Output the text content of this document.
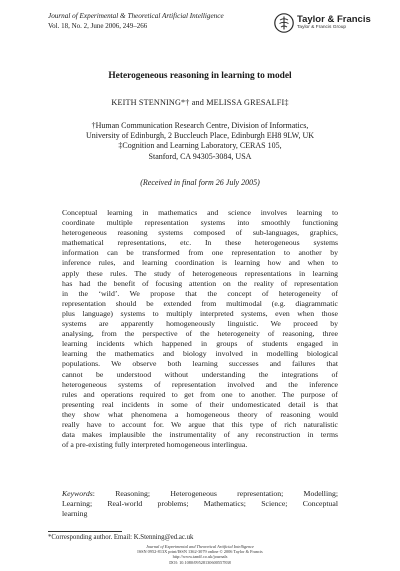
Journal of Experimental & Theoretical Artificial Intelligence
Vol. 18, No. 2, June 2006, 249–266
Taylor & Francis
Taylor & Francis Group
Heterogeneous reasoning in learning to model
KEITH STENNING*† and MELISSA GRESALFI‡
†Human Communication Research Centre, Division of Informatics,
University of Edinburgh, 2 Buccleuch Place, Edinburgh EH8 9LW, UK
‡Cognition and Learning Laboratory, CERAS 105,
Stanford, CA 94305-3084, USA
(Received in final form 26 July 2005)
Conceptual learning in mathematics and science involves learning to
coordinate multiple representation systems into smoothly functioning
heterogeneous reasoning systems composed of sub-languages, graphics,
mathematical representations, etc. In these heterogeneous systems
information can be transformed from one representation to another by
inference rules, and learning coordination is learning how and when to
apply these rules. The study of heterogeneous representations in learning
has had the benefit of focusing attention on the reality of representation
in the ‘wild’. We propose that the concept of heterogeneity of
representation should be extended from multimodal (e.g. diagrammatic
plus language) systems to multiply interpreted systems, even when those
systems are apparently homogeneously linguistic. We proceed by
analysing, from the perspective of the heterogeneity of reasoning, three
learning incidents which happened in groups of students engaged in
learning the mathematics and biology involved in modelling biological
populations. We observe both learning successes and failures that
cannot be understood without understanding the integrations of
heterogeneous systems of representation involved and the inference
rules and operations required to get from one to another. The purpose of
presenting real incidents in some of their undomesticated detail is that
they show what phenomena a homogeneous theory of reasoning would
really have to account for. We argue that this type of rich naturalistic
data makes implausible the instrumentality of any reconstruction in terms
of a pre-existing fully interpreted homogeneous interlingua.
Keywords: Reasoning; Heterogeneous representation; Modelling;
Learning; Real-world problems; Mathematics; Science; Conceptual
learning
*Corresponding author. Email: K.Stenning@ed.ac.uk
Journal of Experimental and Theoretical Artificial Intelligence
ISSN 0952-813X print/ISSN 1362-3079 online © 2006 Taylor & Francis
http://www.tandf.co.uk/journals
DOI: 10.1080/09528130600557838
